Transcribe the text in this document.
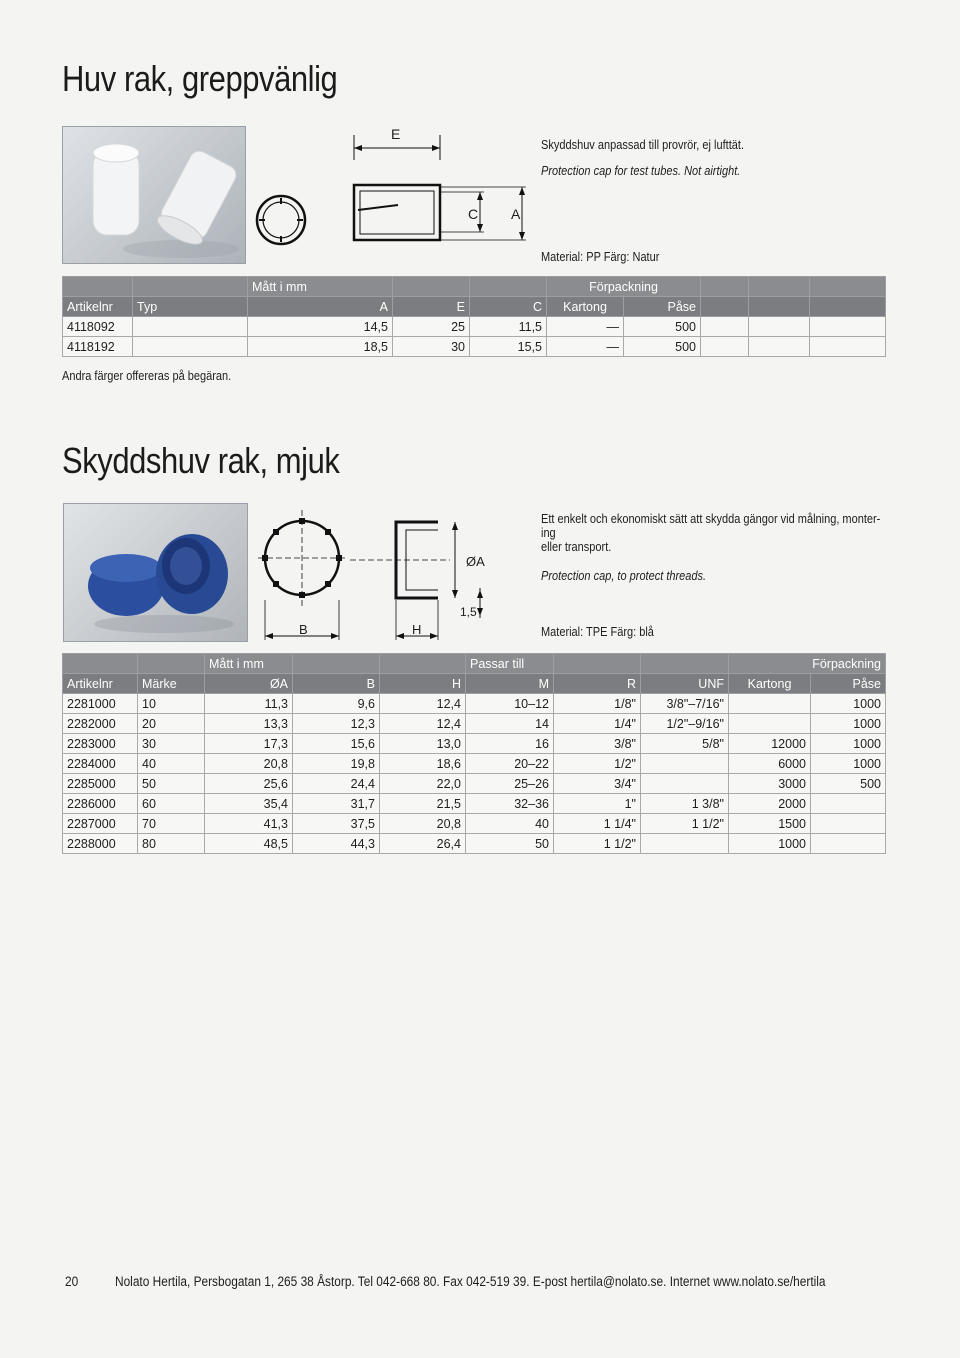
Huv rak, greppvänlig
E
C A
Skyddshuv anpassad till provrör, ej lufttät.
Protection cap for test tubes. Not airtight.
Material: PP Färg: Natur
		Mått i mm			Förpackning				
Artikelnr	Typ	A	E	C	Kartong	Påse			
4118092		14,5	25	11,5	—	500			
4118192		18,5	30	15,5	—	500			
Andra färger offereras på begäran.
Skyddshuv rak, mjuk
B	H
ØA
1,5
Ett enkelt och ekonomiskt sätt att skydda gängor vid målning, monter-
ing
eller transport.
Protection cap, to protect threads.
Material: TPE Färg: blå
		Mått i mm			Passar till			Förpackning	
Artikelnr	Märke	ØA	B	H	M	R	UNF	Kartong	Påse
2281000	10	11,3	9,6	12,4	10–12	1/8"	3/8"–7/16"		1000
2282000	20	13,3	12,3	12,4	14	1/4"	1/2"–9/16"		1000
2283000	30	17,3	15,6	13,0	16	3/8"	5/8"	12000	1000
2284000	40	20,8	19,8	18,6	20–22	1/2"		6000	1000
2285000	50	25,6	24,4	22,0	25–26	3/4"		3000	500
2286000	60	35,4	31,7	21,5	32–36	1"	1 3/8"	2000	
2287000	70	41,3	37,5	20,8	40	1 1/4"	1 1/2"	1500	
2288000	80	48,5	44,3	26,4	50	1 1/2"		1000	
20	Nolato Hertila, Persbogatan 1, 265 38 Åstorp. Tel 042-668 80. Fax 042-519 39. E-post hertila@nolato.se. Internet www.nolato.se/hertila
